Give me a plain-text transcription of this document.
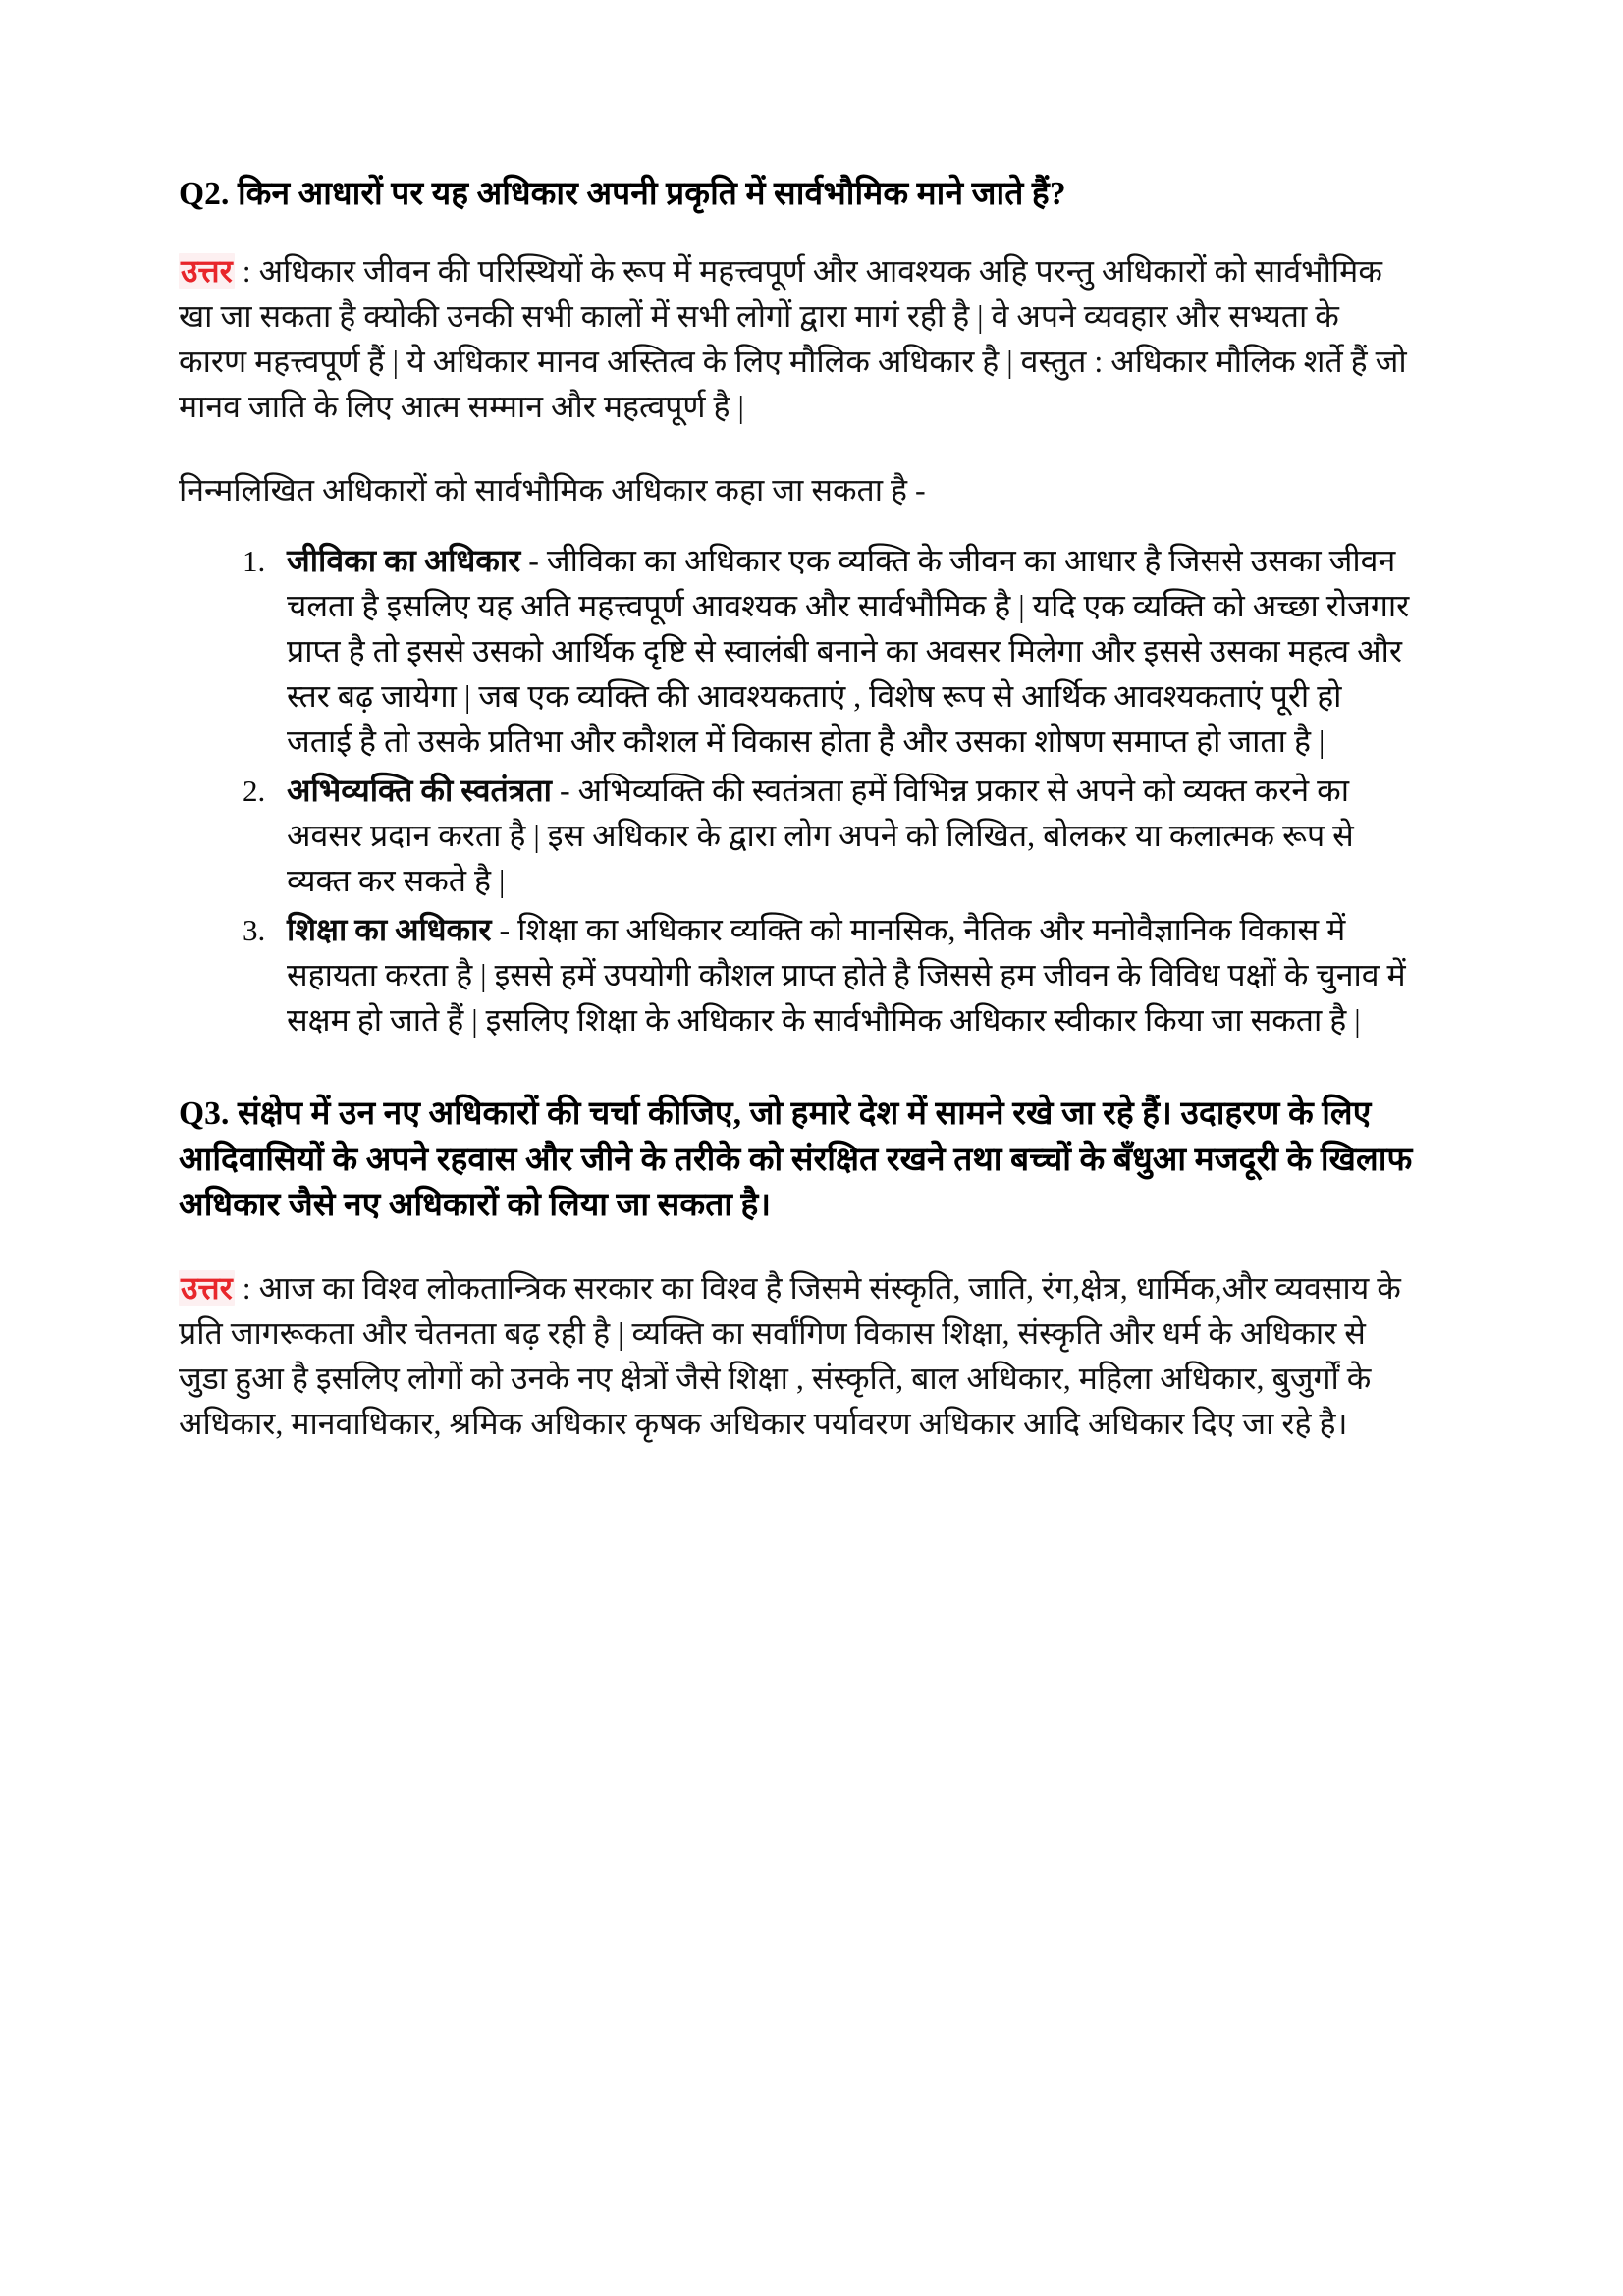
Q2. किन आधारों पर यह अधिकार अपनी प्रकृति में सार्वभौमिक माने जाते हैं?

उत्तर : अधिकार जीवन की परिस्थियों के रूप में महत्त्वपूर्ण और आवश्यक अहि परन्तु अधिकारों को सार्वभौमिक खा जा सकता है क्योकी उनकी सभी कालों में सभी लोगों द्वारा मागं रही है | वे अपने व्यवहार और सभ्यता के कारण महत्त्वपूर्ण हैं | ये अधिकार मानव अस्तित्व के लिए मौलिक अधिकार है | वस्तुत : अधिकार मौलिक शर्ते हैं जो मानव जाति के लिए आत्म सम्मान और महत्वपूर्ण है |

निन्मलिखित अधिकारों को सार्वभौमिक अधिकार कहा जा सकता है -

1. जीविका का अधिकार - जीविका का अधिकार एक व्यक्ति के जीवन का आधार है जिससे उसका जीवन चलता है इसलिए यह अति महत्त्वपूर्ण आवश्यक और सार्वभौमिक है | यदि एक व्यक्ति को अच्छा रोजगार प्राप्त है तो इससे उसको आर्थिक दृष्टि से स्वालंबी बनाने का अवसर मिलेगा और इससे उसका महत्व और स्तर बढ़ जायेगा | जब एक व्यक्ति की आवश्यकताएं , विशेष रूप से आर्थिक आवश्यकताएं पूरी हो जताई है तो उसके प्रतिभा और कौशल में विकास होता है और उसका शोषण समाप्त हो जाता है |
2. अभिव्यक्ति की स्वतंत्रता - अभिव्यक्ति की स्वतंत्रता हमें विभिन्न प्रकार से अपने को व्यक्त करने का अवसर प्रदान करता है | इस अधिकार के द्वारा लोग अपने को लिखित, बोलकर या कलात्मक रूप से व्यक्त कर सकते है |
3. शिक्षा का अधिकार - शिक्षा का अधिकार व्यक्ति को मानसिक, नैतिक और मनोवैज्ञानिक विकास में सहायता करता है | इससे हमें उपयोगी कौशल प्राप्त होते है जिससे हम जीवन के विविध पक्षों के चुनाव में सक्षम हो जाते हैं | इसलिए शिक्षा के अधिकार के सार्वभौमिक अधिकार स्वीकार किया जा सकता है |
Q3. संक्षेप में उन नए अधिकारों की चर्चा कीजिए, जो हमारे देश में सामने रखे जा रहे हैं। उदाहरण के लिए आदिवासियों के अपने रहवास और जीने के तरीके को संरक्षित रखने तथा बच्चों के बँधुआ मजदूरी के खिलाफ अधिकार जैसे नए अधिकारों को लिया जा सकता है।

उत्तर : आज का विश्व लोकतान्त्रिक सरकार का विश्व है जिसमे संस्कृति, जाति, रंग,क्षेत्र, धार्मिक,और व्यवसाय के प्रति जागरूकता और चेतनता बढ़ रही है | व्यक्ति का सर्वांगिण विकास शिक्षा, संस्कृति और धर्म के अधिकार से जुडा हुआ है इसलिए लोगों को उनके नए क्षेत्रों जैसे शिक्षा , संस्कृति, बाल अधिकार, महिला अधिकार, बुजुर्गों के अधिकार, मानवाधिकार, श्रमिक अधिकार कृषक अधिकार पर्यावरण अधिकार आदि अधिकार दिए जा रहे है।
